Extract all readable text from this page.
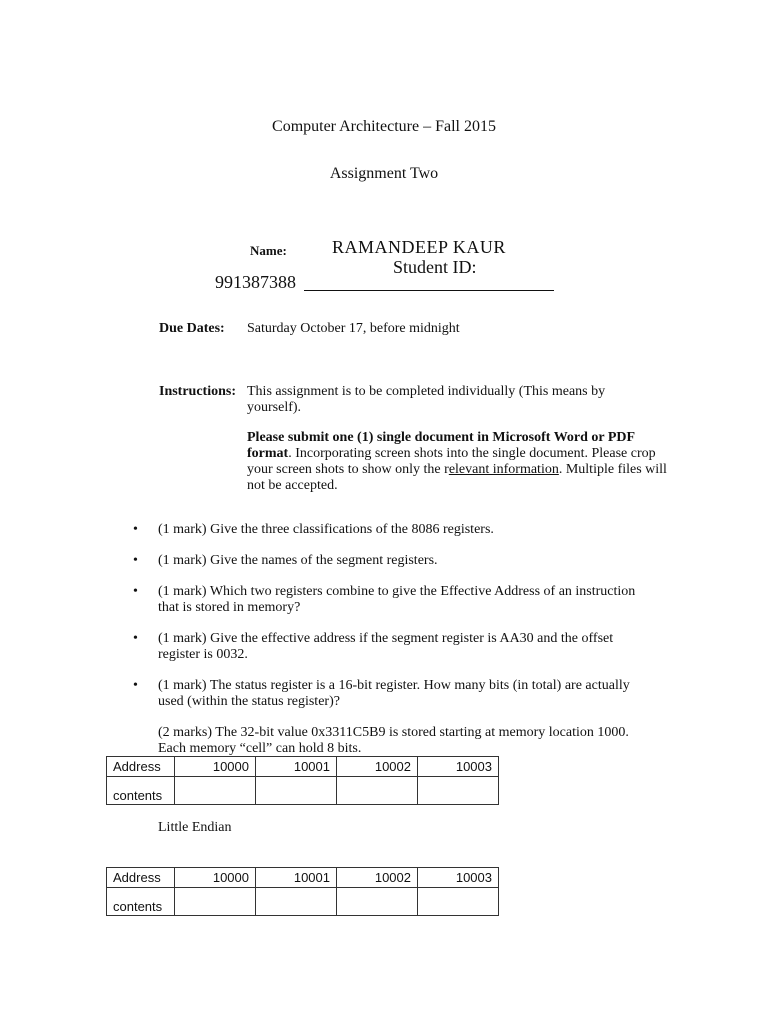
Computer Architecture – Fall 2015
Assignment Two
Name:	RAMANDEEP KAUR
Student ID:
991387388
Due Dates: Saturday October 17, before midnight
Instructions: This assignment is to be completed individually (This means by yourself).
Please submit one (1) single document in Microsoft Word or PDF format. Incorporating screen shots into the single document. Please crop your screen shots to show only the relevant information. Multiple files will not be accepted.
• (1 mark) Give the three classifications of the 8086 registers.
• (1 mark) Give the names of the segment registers.
• (1 mark) Which two registers combine to give the Effective Address of an instruction that is stored in memory?
• (1 mark) Give the effective address if the segment register is AA30 and the offset register is 0032.
• (1 mark) The status register is a 16-bit register. How many bits (in total) are actually used (within the status register)?
(2 marks) The 32-bit value 0x3311C5B9 is stored starting at memory location 1000. Each memory “cell” can hold 8 bits.
Address	10000	10001	10002	10003
contents				
Little Endian
Address	10000	10001	10002	10003
contents				
